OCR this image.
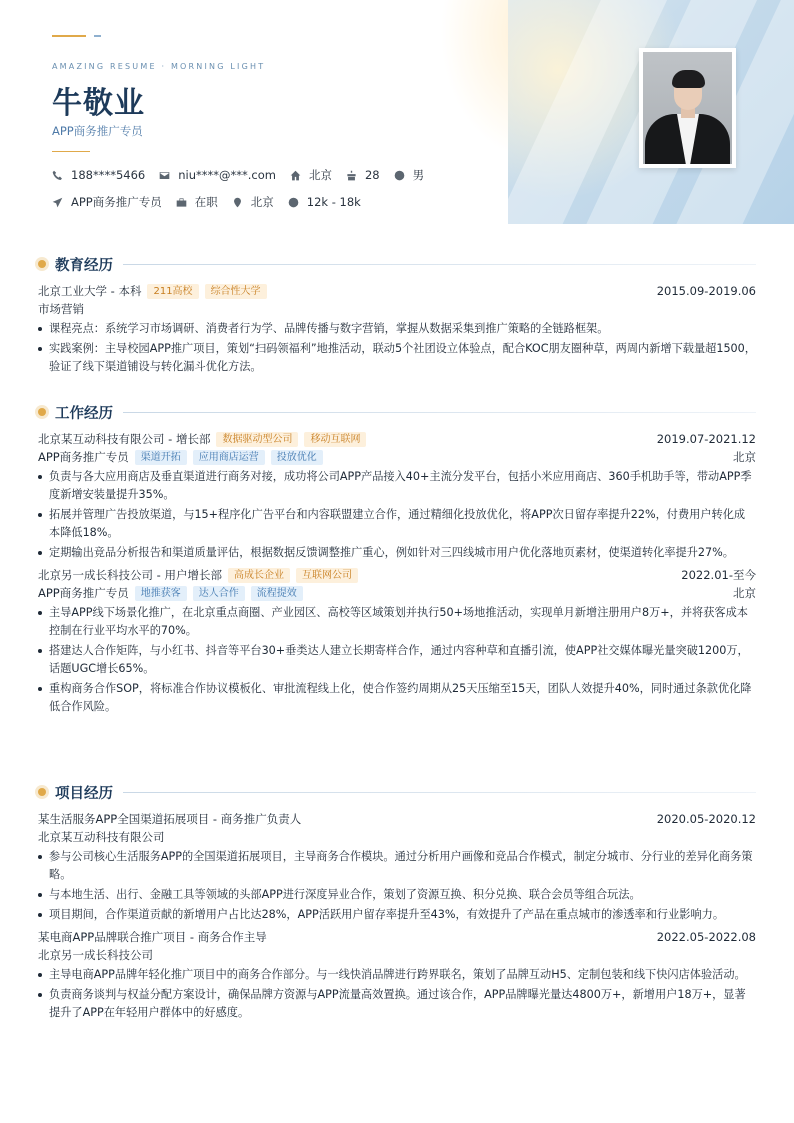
AMAZING RESUME · MORNING LIGHT
牛敬业
APP商务推广专员
188****5466	niu****@***.com	北京	28	男
APP商务推广专员	在职	北京	12k - 18k
教育经历
北京工业大学 - 本科	211高校	综合性大学	2015.09-2019.06
市场营销
课程亮点：系统学习市场调研、消费者行为学、品牌传播与数字营销，掌握从数据采集到推广策略的全链路框架。
实践案例：主导校园APP推广项目，策划“扫码领福利”地推活动，联动5个社团设立体验点，配合KOC朋友圈种草，两周内新增下载量超1500，验证了线下渠道铺设与转化漏斗优化方法。
工作经历
北京某互动科技有限公司 - 增长部	数据驱动型公司	移动互联网	2019.07-2021.12
APP商务推广专员	渠道开拓	应用商店运营	投放优化	北京
负责与各大应用商店及垂直渠道进行商务对接，成功将公司APP产品接入40+主流分发平台，包括小米应用商店、360手机助手等，带动APP季度新增安装量提升35%。
拓展并管理广告投放渠道，与15+程序化广告平台和内容联盟建立合作，通过精细化投放优化，将APP次日留存率提升22%，付费用户转化成本降低18%。
定期输出竞品分析报告和渠道质量评估，根据数据反馈调整推广重心，例如针对三四线城市用户优化落地页素材，使渠道转化率提升27%。
北京另一成长科技公司 - 用户增长部	高成长企业	互联网公司	2022.01-至今
APP商务推广专员	地推获客	达人合作	流程提效	北京
主导APP线下场景化推广，在北京重点商圈、产业园区、高校等区域策划并执行50+场地推活动，实现单月新增注册用户8万+，并将获客成本控制在行业平均水平的70%。
搭建达人合作矩阵，与小红书、抖音等平台30+垂类达人建立长期寄样合作，通过内容种草和直播引流，使APP社交媒体曝光量突破1200万，话题UGC增长65%。
重构商务合作SOP，将标准合作协议模板化、审批流程线上化，使合作签约周期从25天压缩至15天，团队人效提升40%，同时通过条款优化降低合作风险。
项目经历
某生活服务APP全国渠道拓展项目 - 商务推广负责人	2020.05-2020.12
北京某互动科技有限公司
参与公司核心生活服务APP的全国渠道拓展项目，主导商务合作模块。通过分析用户画像和竞品合作模式，制定分城市、分行业的差异化商务策略。
与本地生活、出行、金融工具等领域的头部APP进行深度异业合作，策划了资源互换、积分兑换、联合会员等组合玩法。
项目期间，合作渠道贡献的新增用户占比达28%，APP活跃用户留存率提升至43%，有效提升了产品在重点城市的渗透率和行业影响力。
某电商APP品牌联合推广项目 - 商务合作主导	2022.05-2022.08
北京另一成长科技公司
主导电商APP品牌年轻化推广项目中的商务合作部分。与一线快消品牌进行跨界联名，策划了品牌互动H5、定制包装和线下快闪店体验活动。
负责商务谈判与权益分配方案设计，确保品牌方资源与APP流量高效置换。通过该合作，APP品牌曝光量达4800万+，新增用户18万+，显著提升了APP在年轻用户群体中的好感度。
